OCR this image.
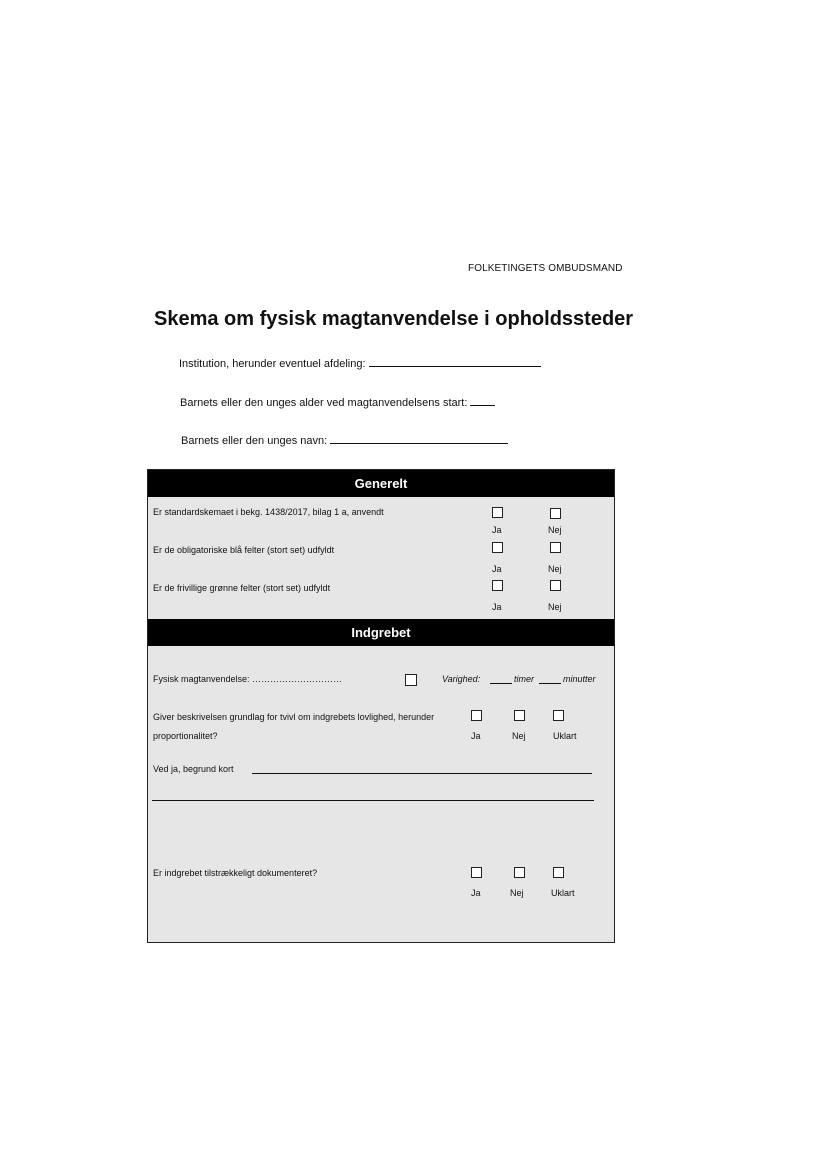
FOLKETINGETS OMBUDSMAND
Skema om fysisk magtanvendelse i opholdssteder
Institution, herunder eventuel afdeling:
Barnets eller den unges alder ved magtanvendelsens start:
Barnets eller den unges navn:
Generelt
Er standardskemaet i bekg. 1438/2017, bilag 1 a, anvendt
Ja	Nej
Er de obligatoriske blå felter (stort set) udfyldt
Ja	Nej
Er de frivillige grønne felter (stort set) udfyldt
Ja	Nej
Indgrebet
Fysisk magtanvendelse: …………………………	Varighed:	timer	minutter
Giver beskrivelsen grundlag for tvivl om indgrebets lovlighed, herunder
proportionalitet?	Ja	Nej	Uklart
Ved ja, begrund kort
Er indgrebet tilstrækkeligt dokumenteret?
Ja	Nej	Uklart
